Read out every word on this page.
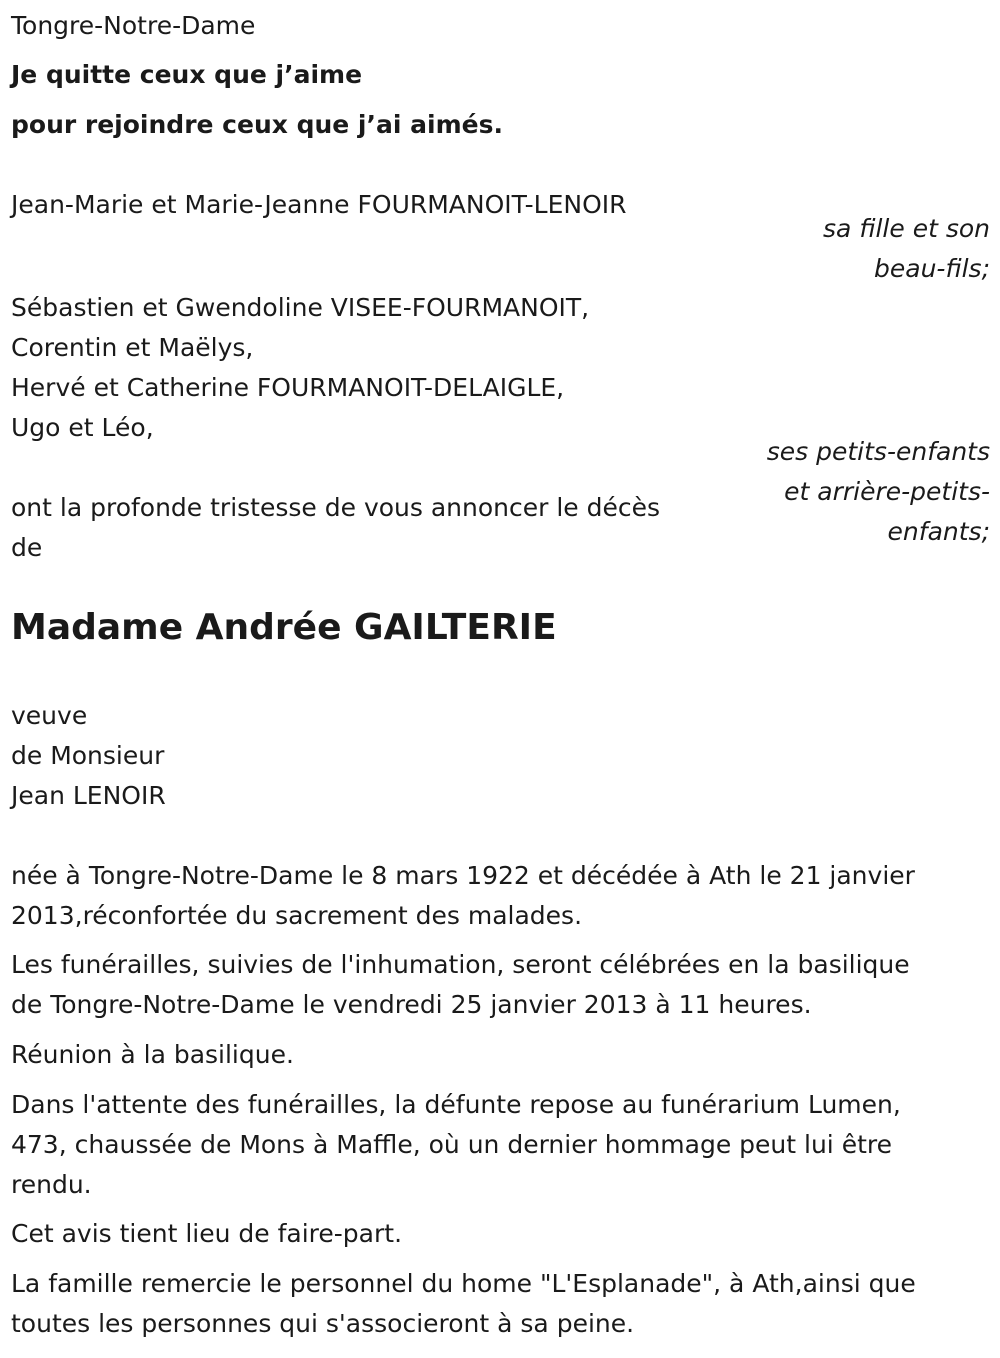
Tongre-Notre-Dame
Je quitte ceux que j’aime
pour rejoindre ceux que j’ai aimés.
Jean-Marie et Marie-Jeanne FOURMANOIT-LENOIR
sa fille et son
beau-fils;
Sébastien et Gwendoline VISEE-FOURMANOIT,
Corentin et Maëlys,
Hervé et Catherine FOURMANOIT-DELAIGLE,
Ugo et Léo,
ses petits-enfants
et arrière-petits-
enfants;
ont la profonde tristesse de vous annoncer le décès
de
Madame Andrée GAILTERIE
veuve
de Monsieur
Jean LENOIR
née à Tongre-Notre-Dame le 8 mars 1922 et décédée à Ath le 21 janvier
2013,réconfortée du sacrement des malades.
Les funérailles, suivies de l'inhumation, seront célébrées en la basilique
de Tongre-Notre-Dame le vendredi 25 janvier 2013 à 11 heures.
Réunion à la basilique.
Dans l'attente des funérailles, la défunte repose au funérarium Lumen,
473, chaussée de Mons à Maffle, où un dernier hommage peut lui être
rendu.
Cet avis tient lieu de faire-part.
La famille remercie le personnel du home "L'Esplanade", à Ath,ainsi que
toutes les personnes qui s'associeront à sa peine.
